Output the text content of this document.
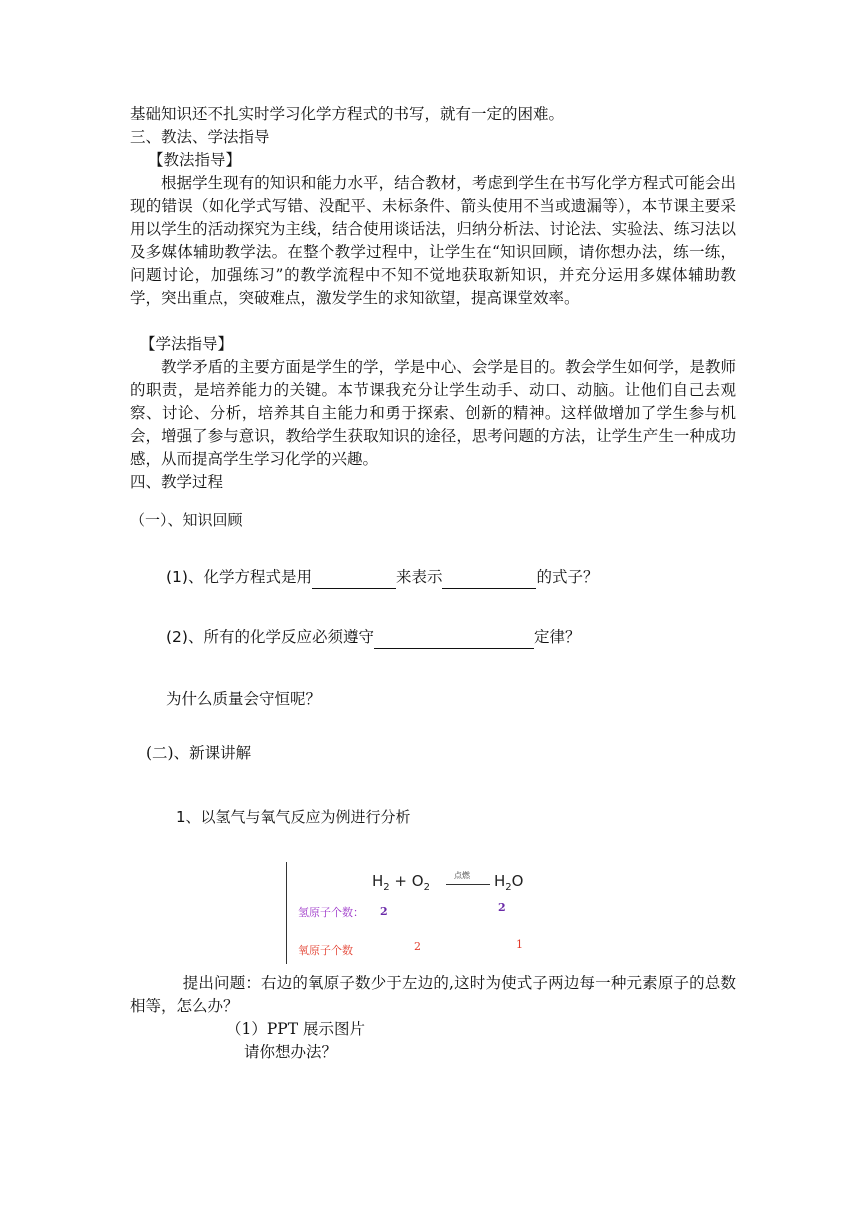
基础知识还不扎实时学习化学方程式的书写，就有一定的困难。
三、教法、学法指导
【教法指导】
根据学生现有的知识和能力水平，结合教材，考虑到学生在书写化学方程式可能会出现的错误（如化学式写错、没配平、未标条件、箭头使用不当或遗漏等），本节课主要采用以学生的活动探究为主线，结合使用谈话法，归纳分析法、讨论法、实验法、练习法以及多媒体辅助教学法。在整个教学过程中，让学生在“知识回顾，请你想办法，练一练，问题讨论，加强练习”的教学流程中不知不觉地获取新知识，并充分运用多媒体辅助教学，突出重点，突破难点，激发学生的求知欲望，提高课堂效率。
【学法指导】
教学矛盾的主要方面是学生的学，学是中心、会学是目的。教会学生如何学，是教师的职责，是培养能力的关键。本节课我充分让学生动手、动口、动脑。让他们自己去观察、讨论、分析，培养其自主能力和勇于探索、创新的精神。这样做增加了学生参与机会，增强了参与意识，教给学生获取知识的途径，思考问题的方法，让学生产生一种成功感，从而提高学生学习化学的兴趣。
四、教学过程
（一）、知识回顾
(1)、化学方程式是用	来表示	的式子？
(2)、所有的化学反应必须遵守	定律？
为什么质量会守恒呢？
(二)、新课讲解
1、以氢气与氧气反应为例进行分析
$H_2 + O_2$
点燃 $H_2O$
氢原子个数： 2	2
氧原子个数	2	1
提出问题：右边的氧原子数少于左边的,这时为使式子两边每一种元素原子的总数相等，怎么办？
（1）PPT 展示图片
请你想办法？
